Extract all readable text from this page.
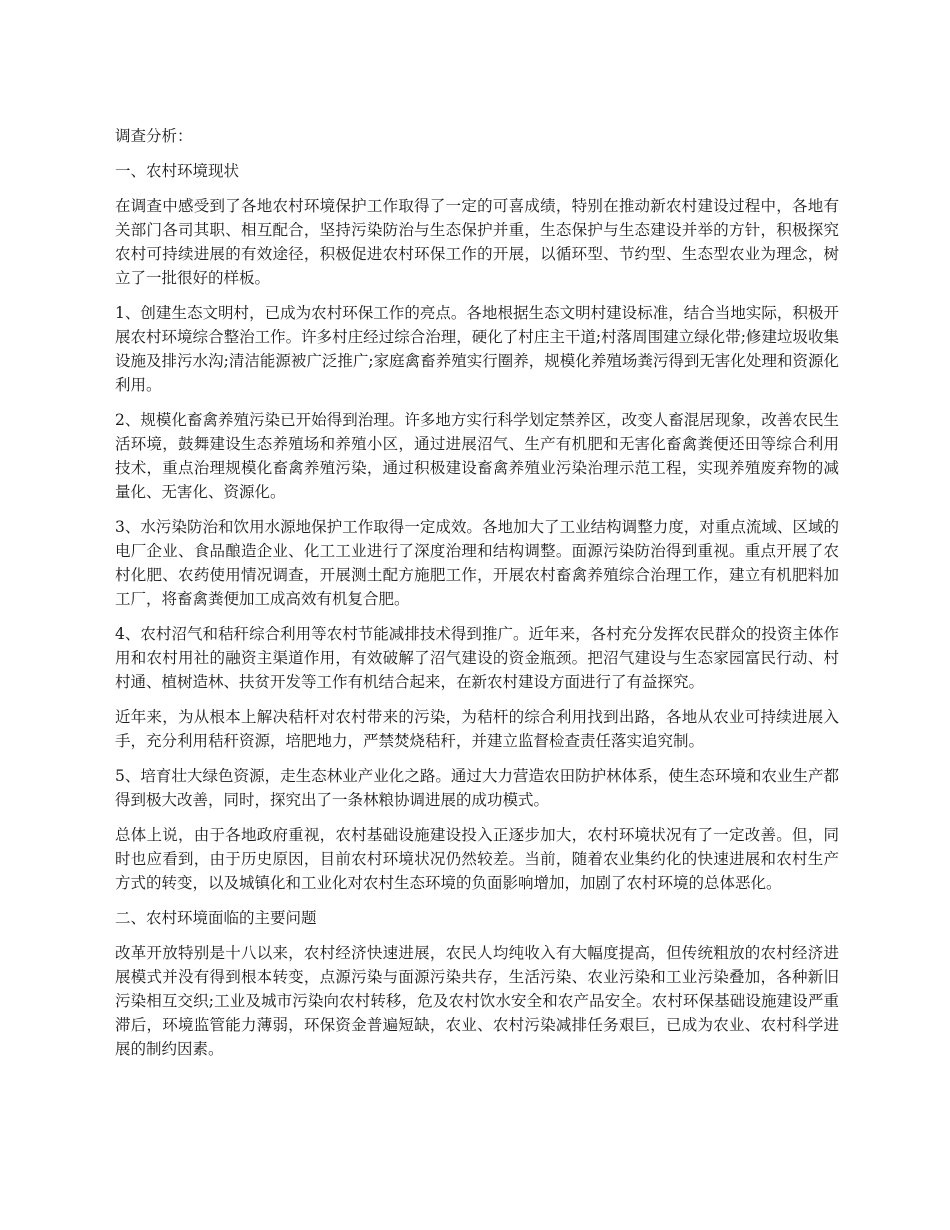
调查分析：

一、农村环境现状

在调查中感受到了各地农村环境保护工作取得了一定的可喜成绩，特别在推动新农村建设过程中，各地有关部门各司其职、相互配合，坚持污染防治与生态保护并重，生态保护与生态建设并举的方针，积极探究农村可持续进展的有效途径，积极促进农村环保工作的开展，以循环型、节约型、生态型农业为理念，树立了一批很好的样板。

1、创建生态文明村，已成为农村环保工作的亮点。各地根据生态文明村建设标准，结合当地实际，积极开展农村环境综合整治工作。许多村庄经过综合治理，硬化了村庄主干道;村落周围建立绿化带;修建垃圾收集设施及排污水沟;清洁能源被广泛推广;家庭禽畜养殖实行圈养，规模化养殖场粪污得到无害化处理和资源化利用。

2、规模化畜禽养殖污染已开始得到治理。许多地方实行科学划定禁养区，改变人畜混居现象，改善农民生活环境，鼓舞建设生态养殖场和养殖小区，通过进展沼气、生产有机肥和无害化畜禽粪便还田等综合利用技术，重点治理规模化畜禽养殖污染，通过积极建设畜禽养殖业污染治理示范工程，实现养殖废弃物的减量化、无害化、资源化。

3、水污染防治和饮用水源地保护工作取得一定成效。各地加大了工业结构调整力度，对重点流域、区域的电厂企业、食品酿造企业、化工工业进行了深度治理和结构调整。面源污染防治得到重视。重点开展了农村化肥、农药使用情况调查，开展测土配方施肥工作，开展农村畜禽养殖综合治理工作，建立有机肥料加工厂，将畜禽粪便加工成高效有机复合肥。

4、农村沼气和秸秆综合利用等农村节能减排技术得到推广。近年来，各村充分发挥农民群众的投资主体作用和农村用社的融资主渠道作用，有效破解了沼气建设的资金瓶颈。把沼气建设与生态家园富民行动、村村通、植树造林、扶贫开发等工作有机结合起来，在新农村建设方面进行了有益探究。

近年来，为从根本上解决秸杆对农村带来的污染，为秸杆的综合利用找到出路，各地从农业可持续进展入手，充分利用秸秆资源，培肥地力，严禁焚烧秸秆，并建立监督检查责任落实追究制。

5、培育壮大绿色资源，走生态林业产业化之路。通过大力营造农田防护林体系，使生态环境和农业生产都得到极大改善，同时，探究出了一条林粮协调进展的成功模式。

总体上说，由于各地政府重视，农村基础设施建设投入正逐步加大，农村环境状况有了一定改善。但，同时也应看到，由于历史原因，目前农村环境状况仍然较差。当前，随着农业集约化的快速进展和农村生产方式的转变，以及城镇化和工业化对农村生态环境的负面影响增加，加剧了农村环境的总体恶化。

二、农村环境面临的主要问题

改革开放特别是十八以来，农村经济快速进展，农民人均纯收入有大幅度提高，但传统粗放的农村经济进展模式并没有得到根本转变，点源污染与面源污染共存，生活污染、农业污染和工业污染叠加，各种新旧污染相互交织;工业及城市污染向农村转移，危及农村饮水安全和农产品安全。农村环保基础设施建设严重滞后，环境监管能力薄弱，环保资金普遍短缺，农业、农村污染减排任务艰巨，已成为农业、农村科学进展的制约因素。
